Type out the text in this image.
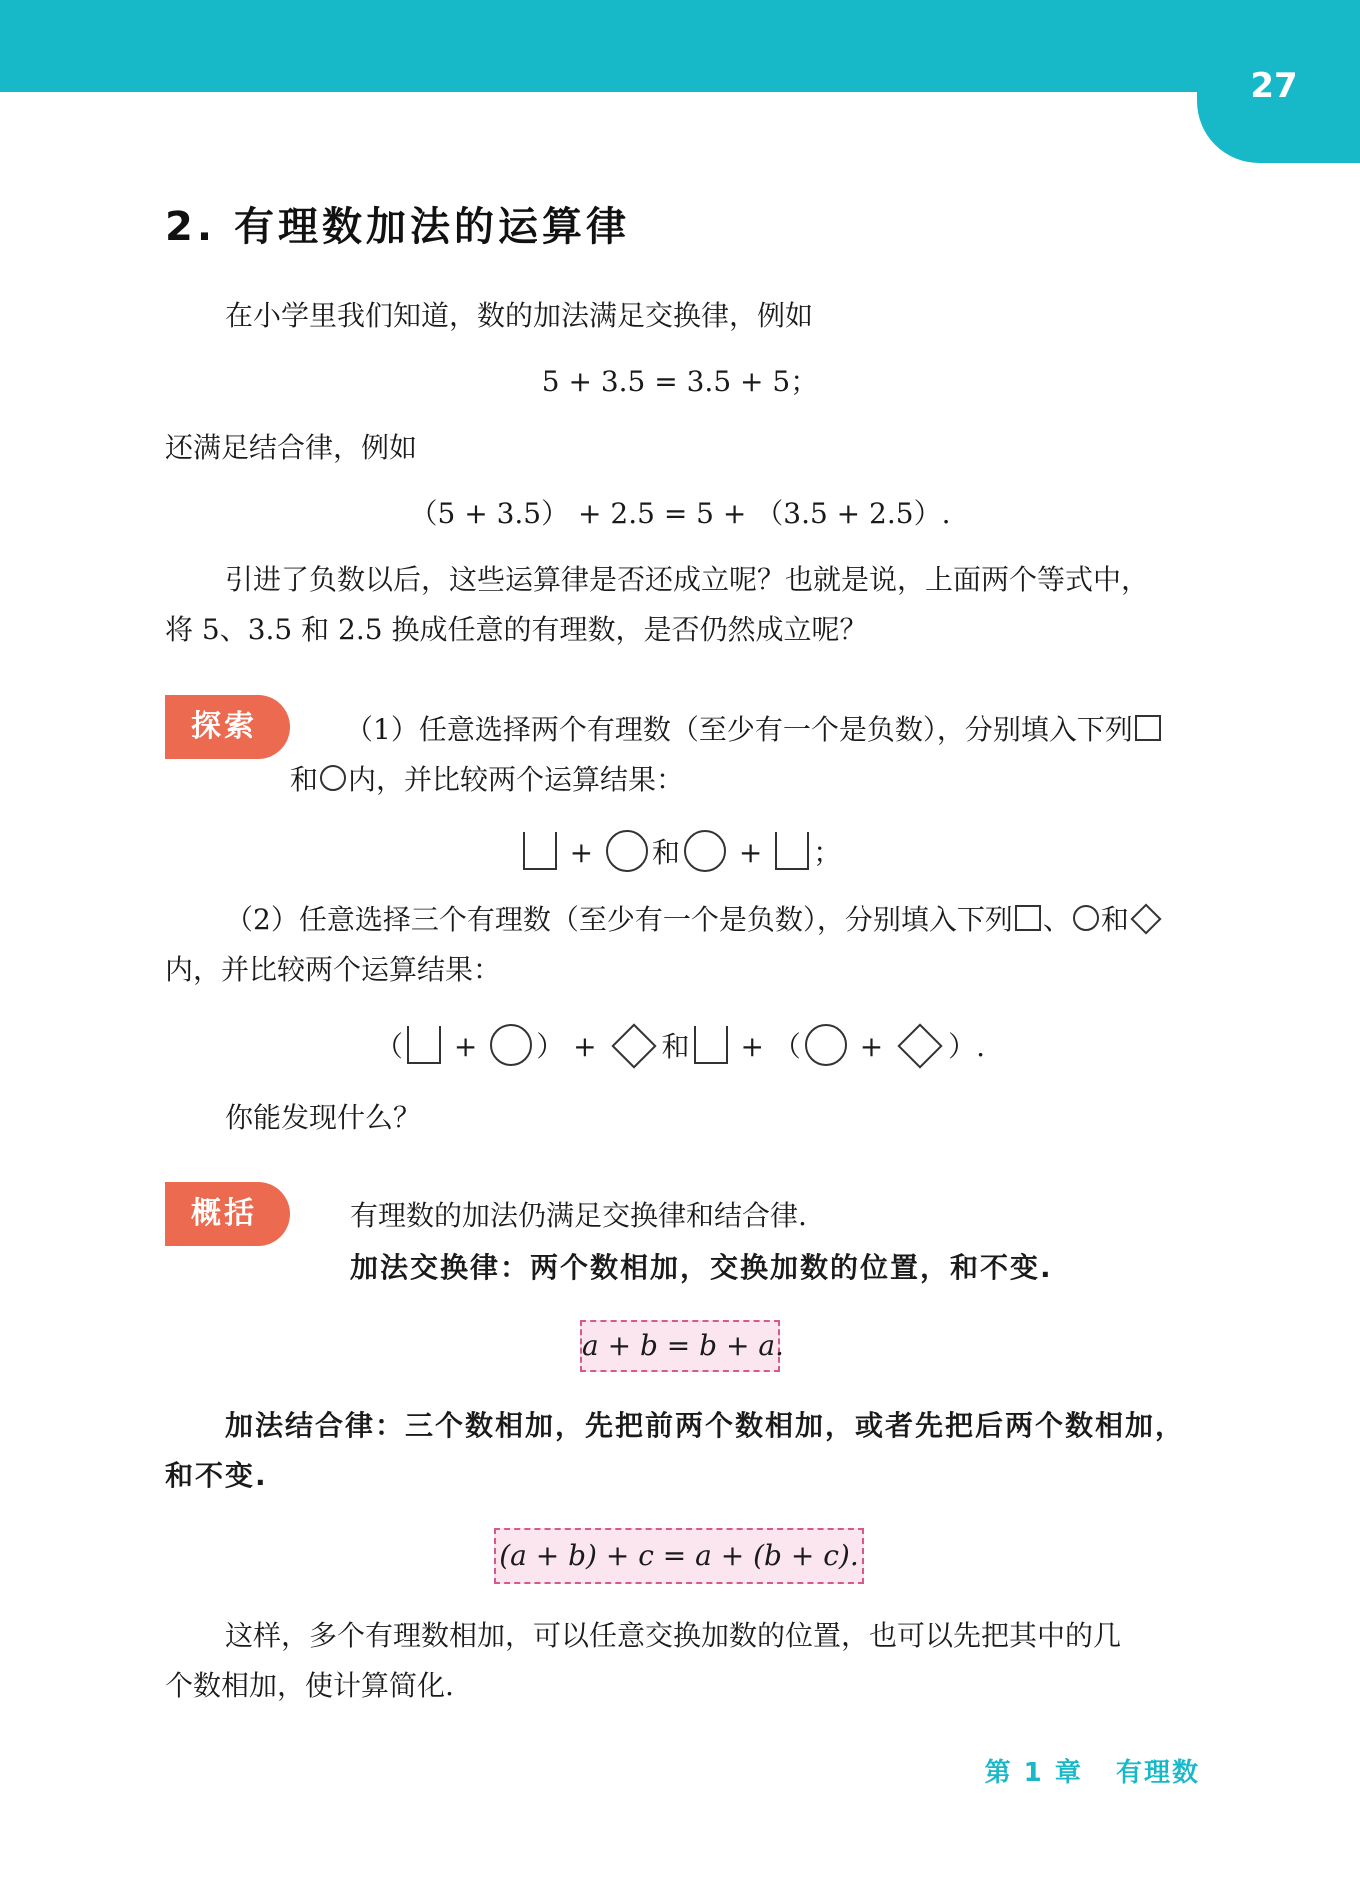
27
2. 有理数加法的运算律
在小学里我们知道，数的加法满足交换律，例如
5 + 3.5 = 3.5 + 5；
还满足结合律，例如
（5 + 3.5） + 2.5 = 5 + （3.5 + 2.5）.
引进了负数以后，这些运算律是否还成立呢？也就是说，上面两个等式中，
将 5、3.5 和 2.5 换成任意的有理数，是否仍然成立呢？
探索	（1）任意选择两个有理数（至少有一个是负数），分别填入下列
和 内，并比较两个运算结果：
+ 和 + ；
（2）任意选择三个有理数（至少有一个是负数），分别填入下列 、 和
内，并比较两个运算结果：
（ + ） + 和 + （ + ）.
你能发现什么？
概括	有理数的加法仍满足交换律和结合律.
加法交换律：两个数相加，交换加数的位置，和不变.
a + b = b + a.
加法结合律：三个数相加，先把前两个数相加，或者先把后两个数相加，
和不变.
(a + b) + c = a + (b + c).
这样，多个有理数相加，可以任意交换加数的位置，也可以先把其中的几
个数相加，使计算简化.
第 1 章 有理数
